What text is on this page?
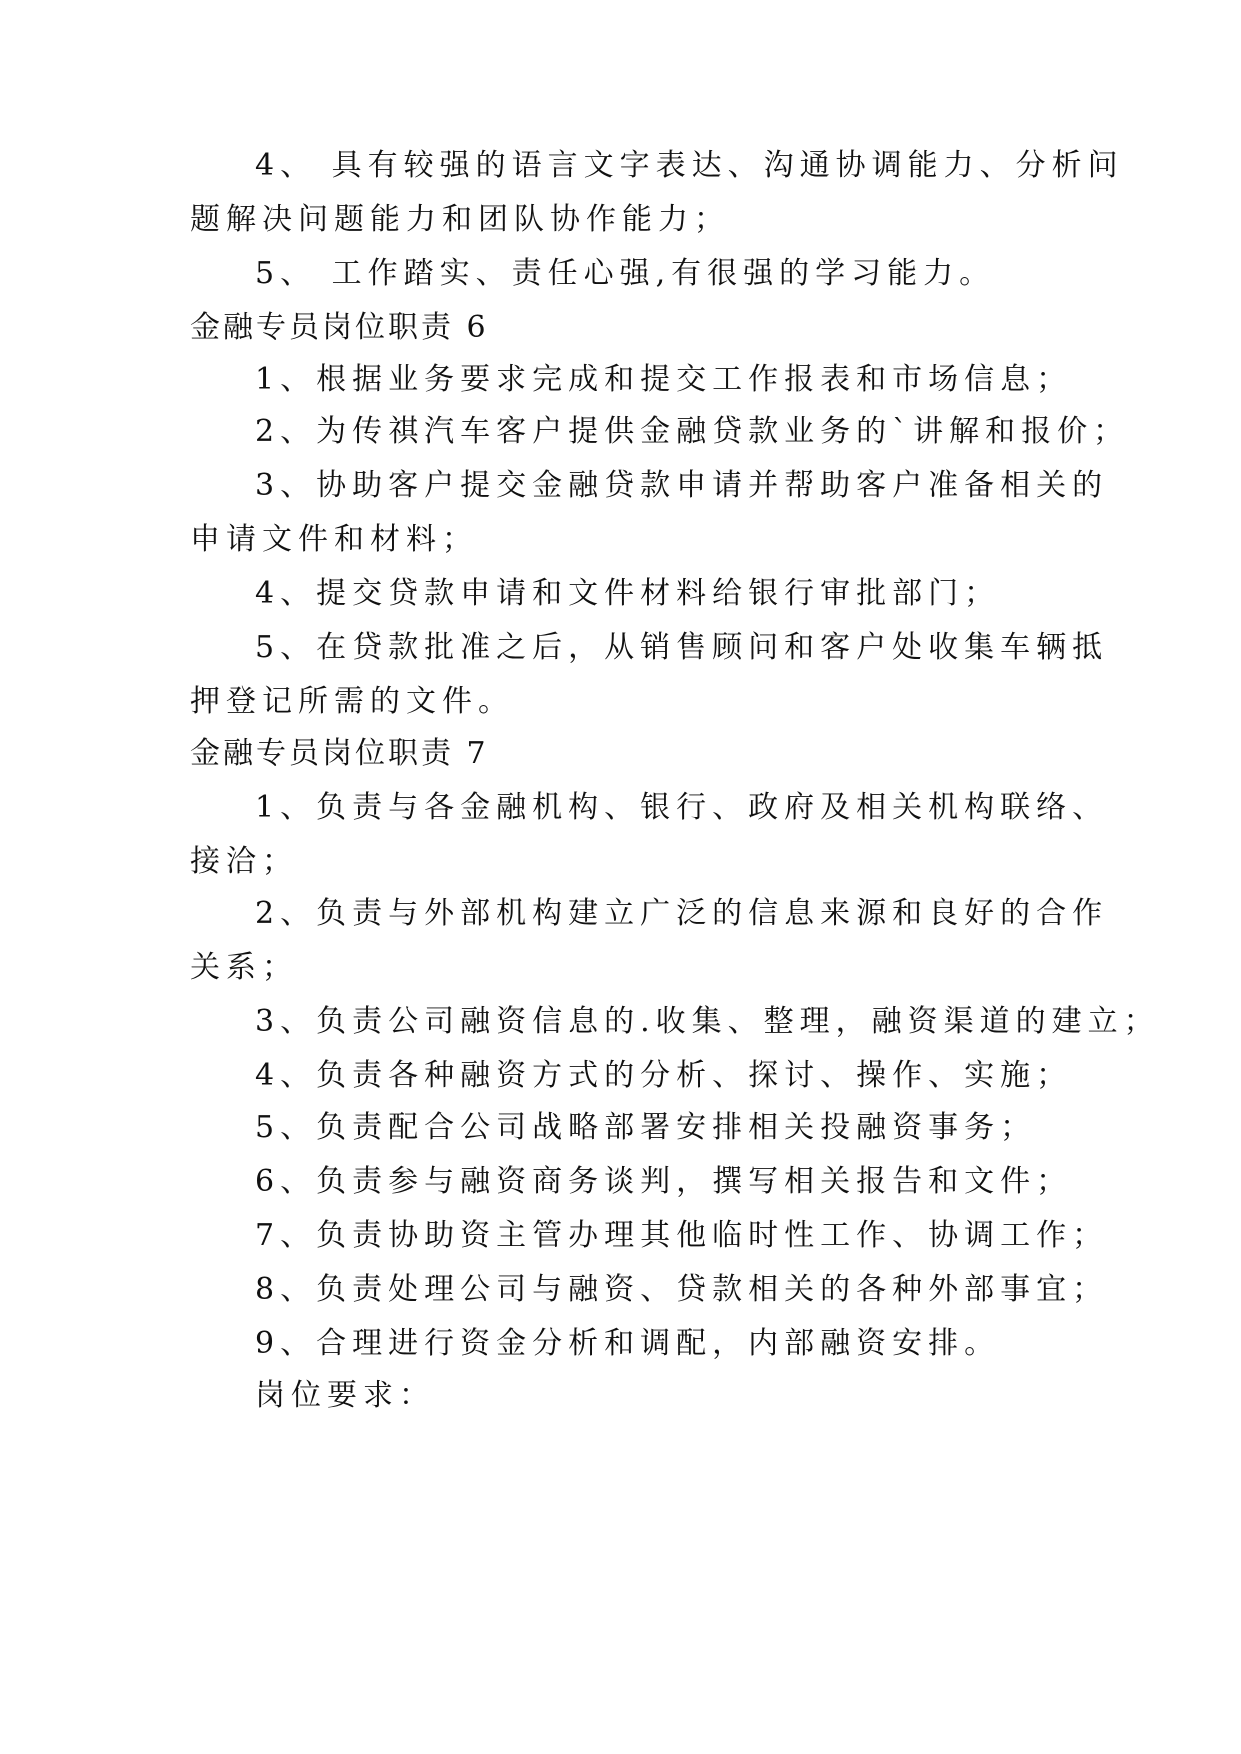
4、 具有较强的语言文字表达、沟通协调能力、分析问
题解决问题能力和团队协作能力；
5、 工作踏实、责任心强,有很强的学习能力。
金融专员岗位职责 6
1、根据业务要求完成和提交工作报表和市场信息；
2、为传祺汽车客户提供金融贷款业务的`讲解和报价；
3、协助客户提交金融贷款申请并帮助客户准备相关的
申请文件和材料；
4、提交贷款申请和文件材料给银行审批部门；
5、在贷款批准之后，从销售顾问和客户处收集车辆抵
押登记所需的文件。
金融专员岗位职责 7
1、负责与各金融机构、银行、政府及相关机构联络、
接洽；
2、负责与外部机构建立广泛的信息来源和良好的合作
关系；
3、负责公司融资信息的.收集、整理，融资渠道的建立；
4、负责各种融资方式的分析、探讨、操作、实施；
5、负责配合公司战略部署安排相关投融资事务；
6、负责参与融资商务谈判，撰写相关报告和文件；
7、负责协助资主管办理其他临时性工作、协调工作；
8、负责处理公司与融资、贷款相关的各种外部事宜；
9、合理进行资金分析和调配，内部融资安排。
岗位要求：
